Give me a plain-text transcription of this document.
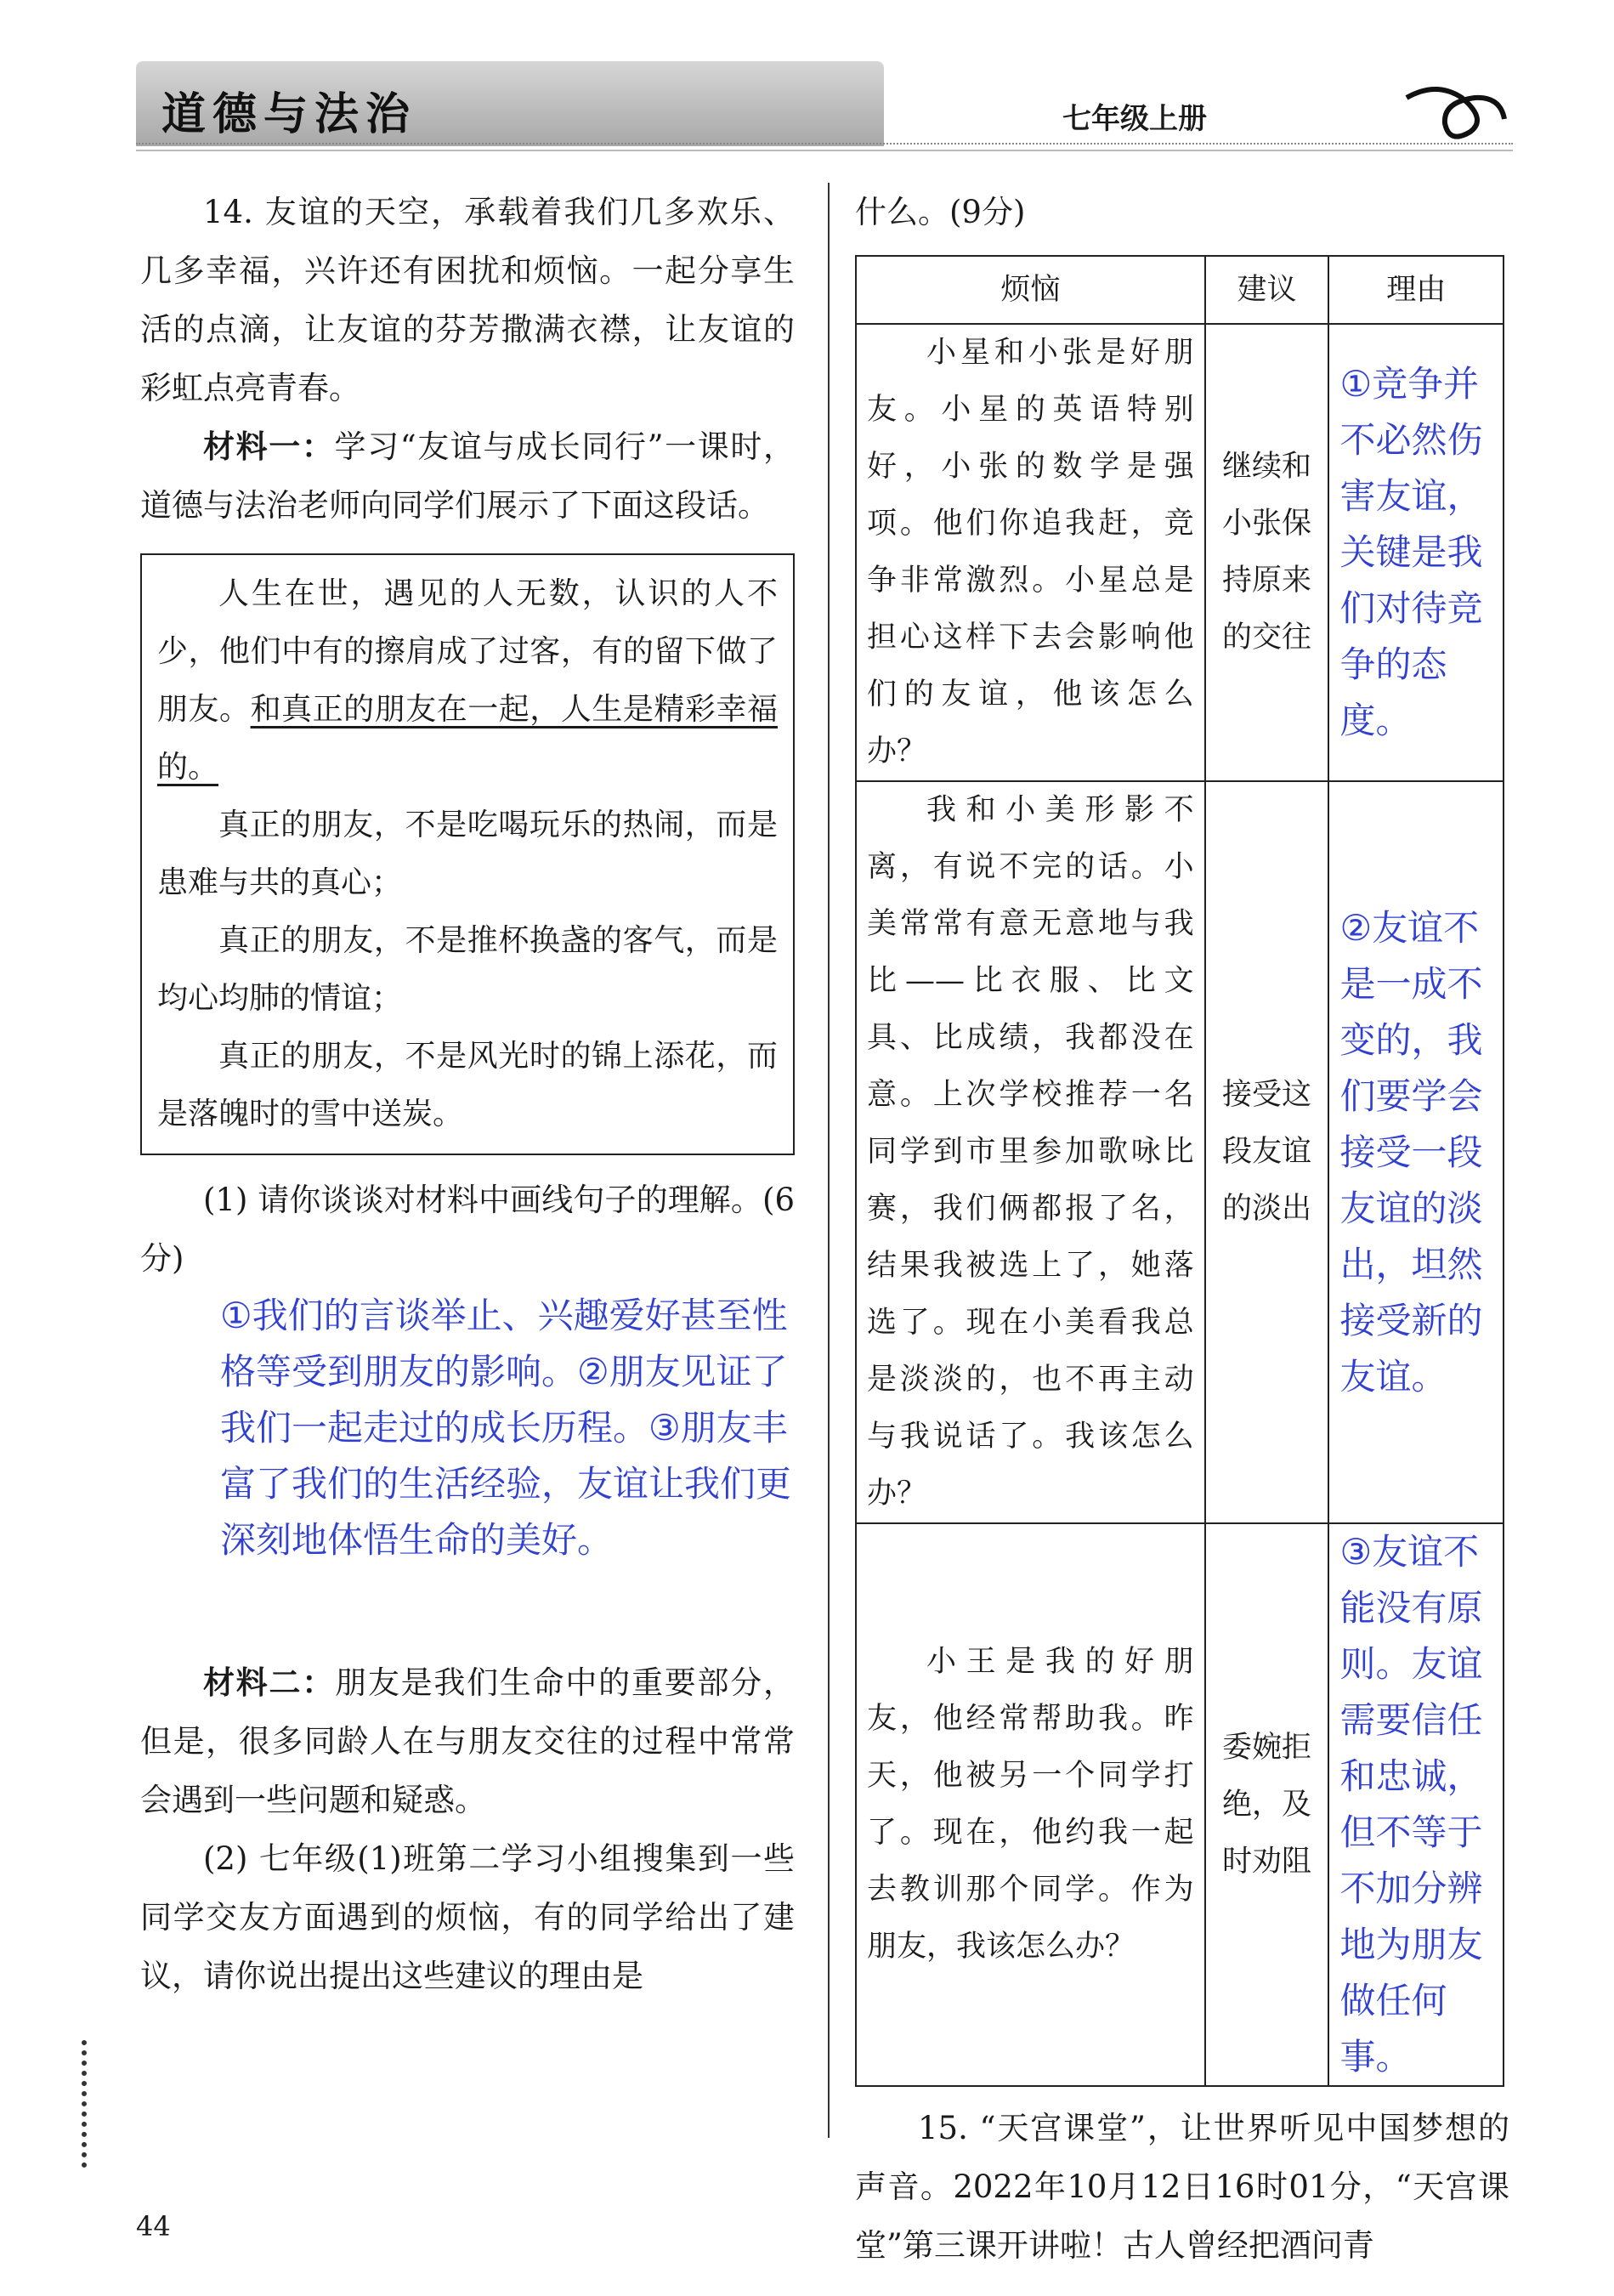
道德与法治	七年级上册

14. 友谊的天空，承载着我们几多欢乐、几多幸福，兴许还有困扰和烦恼。一起分享生活的点滴，让友谊的芬芳撒满衣襟，让友谊的彩虹点亮青春。

材料一：学习“友谊与成长同行”一课时，道德与法治老师向同学们展示了下面这段话。

人生在世，遇见的人无数，认识的人不少，他们中有的擦肩成了过客，有的留下做了朋友。和真正的朋友在一起，人生是精彩幸福的。

真正的朋友，不是吃喝玩乐的热闹，而是患难与共的真心；

真正的朋友，不是推杯换盏的客气，而是均心均肺的情谊；

真正的朋友，不是风光时的锦上添花，而是落魄时的雪中送炭。

(1) 请你谈谈对材料中画线句子的理解。(6分)

①我们的言谈举止、兴趣爱好甚至性格等受到朋友的影响。②朋友见证了我们一起走过的成长历程。③朋友丰富了我们的生活经验，友谊让我们更深刻地体悟生命的美好。

材料二：朋友是我们生命中的重要部分，但是，很多同龄人在与朋友交往的过程中常常会遇到一些问题和疑惑。

(2) 七年级(1)班第二学习小组搜集到一些同学交友方面遇到的烦恼，有的同学给出了建议，请你说出提出这些建议的理由是

什么。(9分)

烦恼	建议	理由
小星和小张是好朋友。小星的英语特别好，小张的数学是强项。他们你追我赶，竞争非常激烈。小星总是担心这样下去会影响他们的友谊，他该怎么办？	继续和小张保持原来的交往	①竞争并不必然伤害友谊，关键是我们对待竞争的态度。

我和小美形影不离，有说不完的话。小美常常有意无意地与我比——比衣服、比文具、比成绩，我都没在意。上次学校推荐一名同学到市里参加歌咏比赛，我们俩都报了名，结果我被选上了，她落选了。现在小美看我总是淡淡的，也不再主动与我说话了。我该怎么办？	接受这段友谊的淡出	②友谊不是一成不变的，我们要学会接受一段友谊的淡出，坦然接受新的友谊。

小王是我的好朋友，他经常帮助我。昨天，他被另一个同学打了。现在，他约我一起去教训那个同学。作为朋友，我该怎么办？	委婉拒绝，及时劝阻	③友谊不能没有原则。友谊需要信任和忠诚，但不等于不加分辨地为朋友做任何事。

15. “天宫课堂”，让世界听见中国梦想的声音。2022年10月12日16时01分，“天宫课堂”第三课开讲啦！古人曾经把酒问青

44
